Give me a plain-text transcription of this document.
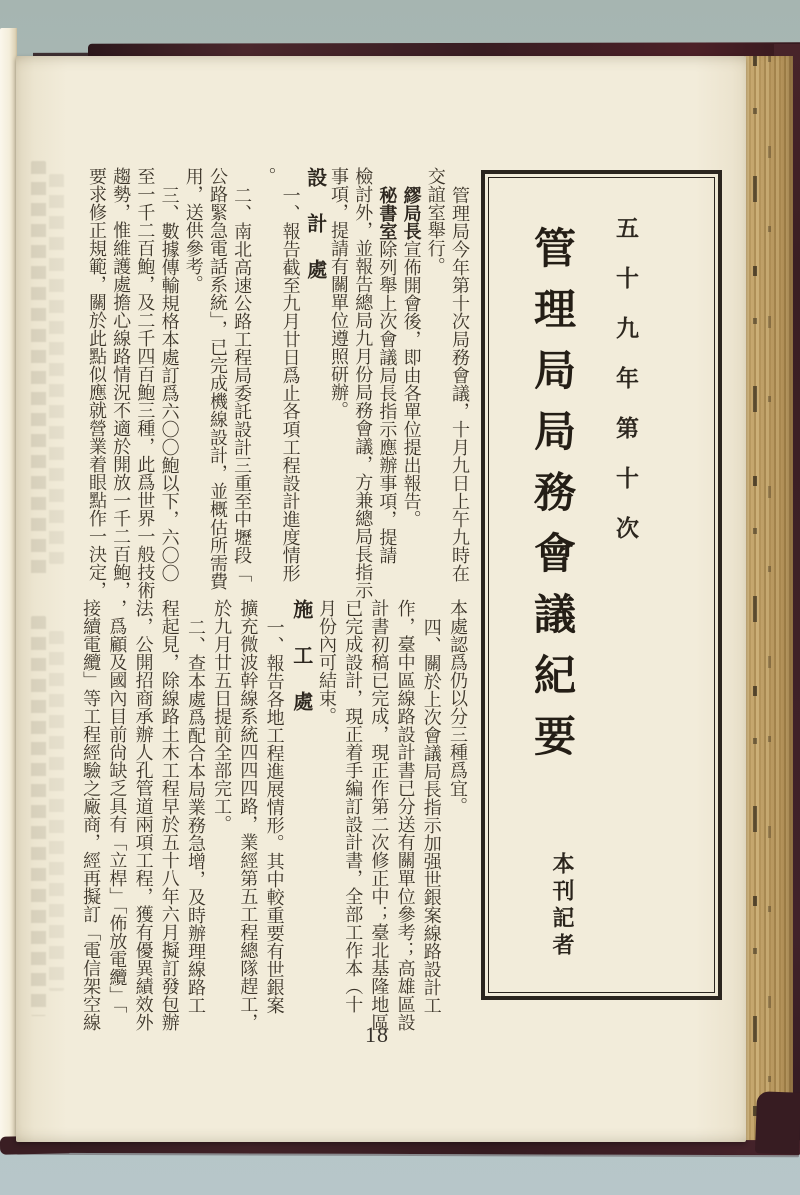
五十九年第十次
管理局局務會議紀要
本刊記者

管理局今年第十次局務會議，十月九日上午九時在

交誼室舉行。

繆局長宣佈開會後，即由各單位提出報告。

秘書室除列舉上次會議局長指示應辦事項，提請

檢討外，並報告總局九月份局務會議，方兼總局長指示

事項，提請有關單位遵照研辦。

設計處

一、報告截至九月廿日爲止各項工程設計進度情形

。

二、南北高速公路工程局委託設計三重至中壢段「

公路緊急電話系統」，已完成機線設計，並概估所需費

用，送供參考。

三、數據傳輸規格本處訂爲六〇〇鮑以下，六〇〇

至一千二百鮑，及二千四百鮑三種，此爲世界一般技術

趨勢，惟維護處擔心線路情況不適於開放一千二百鮑，

要求修正規範，關於此點似應就營業着眼點作一決定，

本處認爲仍以分三種爲宜。

四、關於上次會議局長指示加强世銀案線路設計工

作，臺中區線路設計書已分送有關單位參考；高雄區設

計書初稿已完成，現正作第二次修正中；臺北基隆地區

已完成設計，現正着手編訂設計書，全部工作本（十

月份內可結束。

施工處

一、報告各地工程進展情形。其中較重要有世銀案

擴充微波幹線系統四四四路，業經第五工程總隊趕工，

於九月廿五日提前全部完工。

二、查本處爲配合本局業務急增，及時辦理線路工

程起見，除線路土木工程早於五十八年六月擬訂發包辦

法，公開招商承辦人孔管道兩項工程，獲有優異績效外

，爲顧及國內目前尙缺乏具有「立桿」「佈放電纜」「

接續電纜」等工程經驗之廠商，經再擬訂「電信架空線

18
